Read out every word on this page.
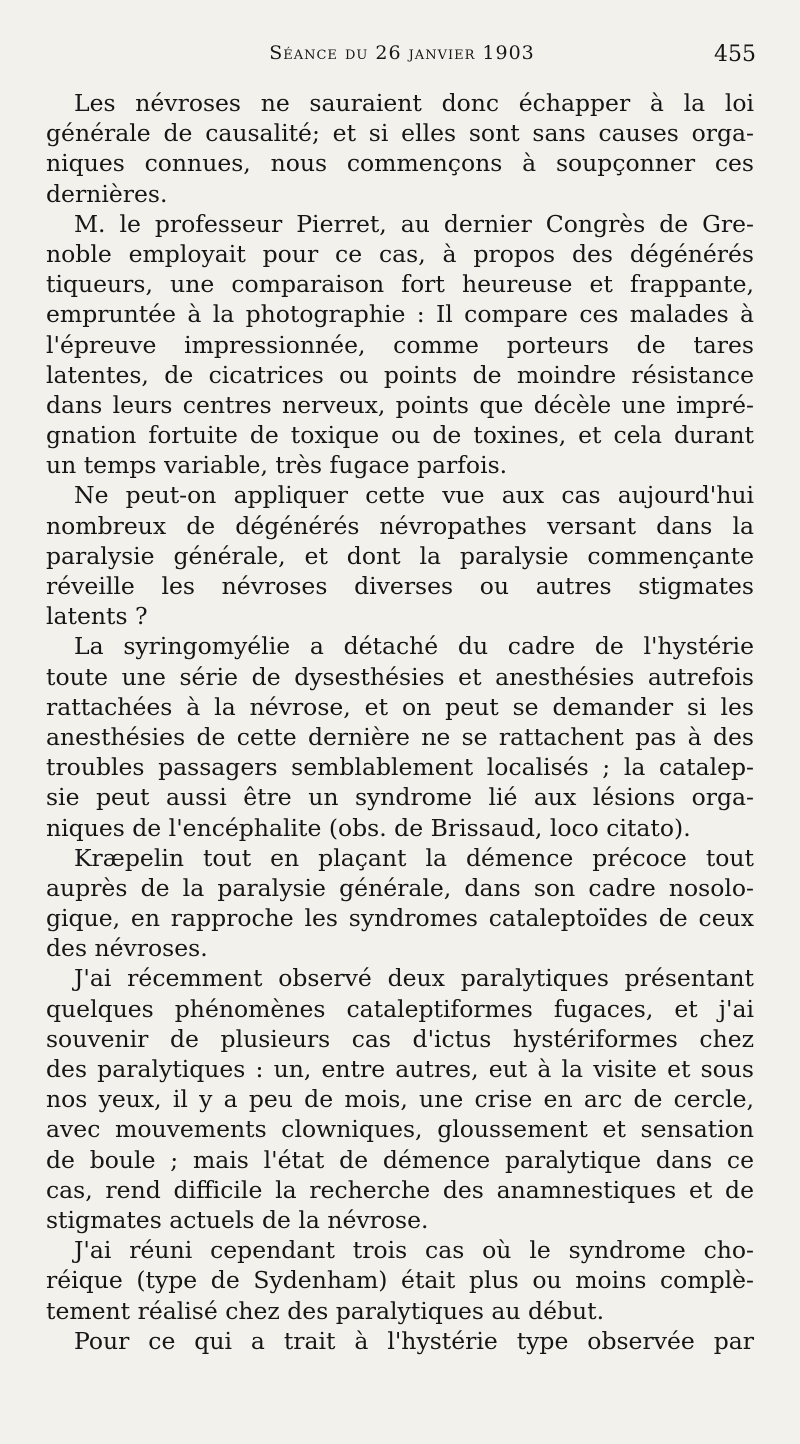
Séance du 26 janvier 1903	455
Les névroses ne sauraient donc échapper à la loi
générale de causalité; et si elles sont sans causes orga-
niques connues, nous commençons à soupçonner ces
dernières.
M. le professeur Pierret, au dernier Congrès de Gre-
noble employait pour ce cas, à propos des dégénérés
tiqueurs, une comparaison fort heureuse et frappante,
empruntée à la photographie : Il compare ces malades à
l'épreuve impressionnée, comme porteurs de tares
latentes, de cicatrices ou points de moindre résistance
dans leurs centres nerveux, points que décèle une impré-
gnation fortuite de toxique ou de toxines, et cela durant
un temps variable, très fugace parfois.
Ne peut-on appliquer cette vue aux cas aujourd'hui
nombreux de dégénérés névropathes versant dans la
paralysie générale, et dont la paralysie commençante
réveille les névroses diverses ou autres stigmates
latents ?
La syringomyélie a détaché du cadre de l'hystérie
toute une série de dysesthésies et anesthésies autrefois
rattachées à la névrose, et on peut se demander si les
anesthésies de cette dernière ne se rattachent pas à des
troubles passagers semblablement localisés ; la catalep-
sie peut aussi être un syndrome lié aux lésions orga-
niques de l'encéphalite (obs. de Brissaud, loco citato).
Kræpelin tout en plaçant la démence précoce tout
auprès de la paralysie générale, dans son cadre nosolo-
gique, en rapproche les syndromes cataleptoïdes de ceux
des névroses.
J'ai récemment observé deux paralytiques présentant
quelques phénomènes cataleptiformes fugaces, et j'ai
souvenir de plusieurs cas d'ictus hystériformes chez
des paralytiques : un, entre autres, eut à la visite et sous
nos yeux, il y a peu de mois, une crise en arc de cercle,
avec mouvements clowniques, gloussement et sensation
de boule ; mais l'état de démence paralytique dans ce
cas, rend difficile la recherche des anamnestiques et de
stigmates actuels de la névrose.
J'ai réuni cependant trois cas où le syndrome cho-
réique (type de Sydenham) était plus ou moins complè-
tement réalisé chez des paralytiques au début.
Pour ce qui a trait à l'hystérie type observée par
